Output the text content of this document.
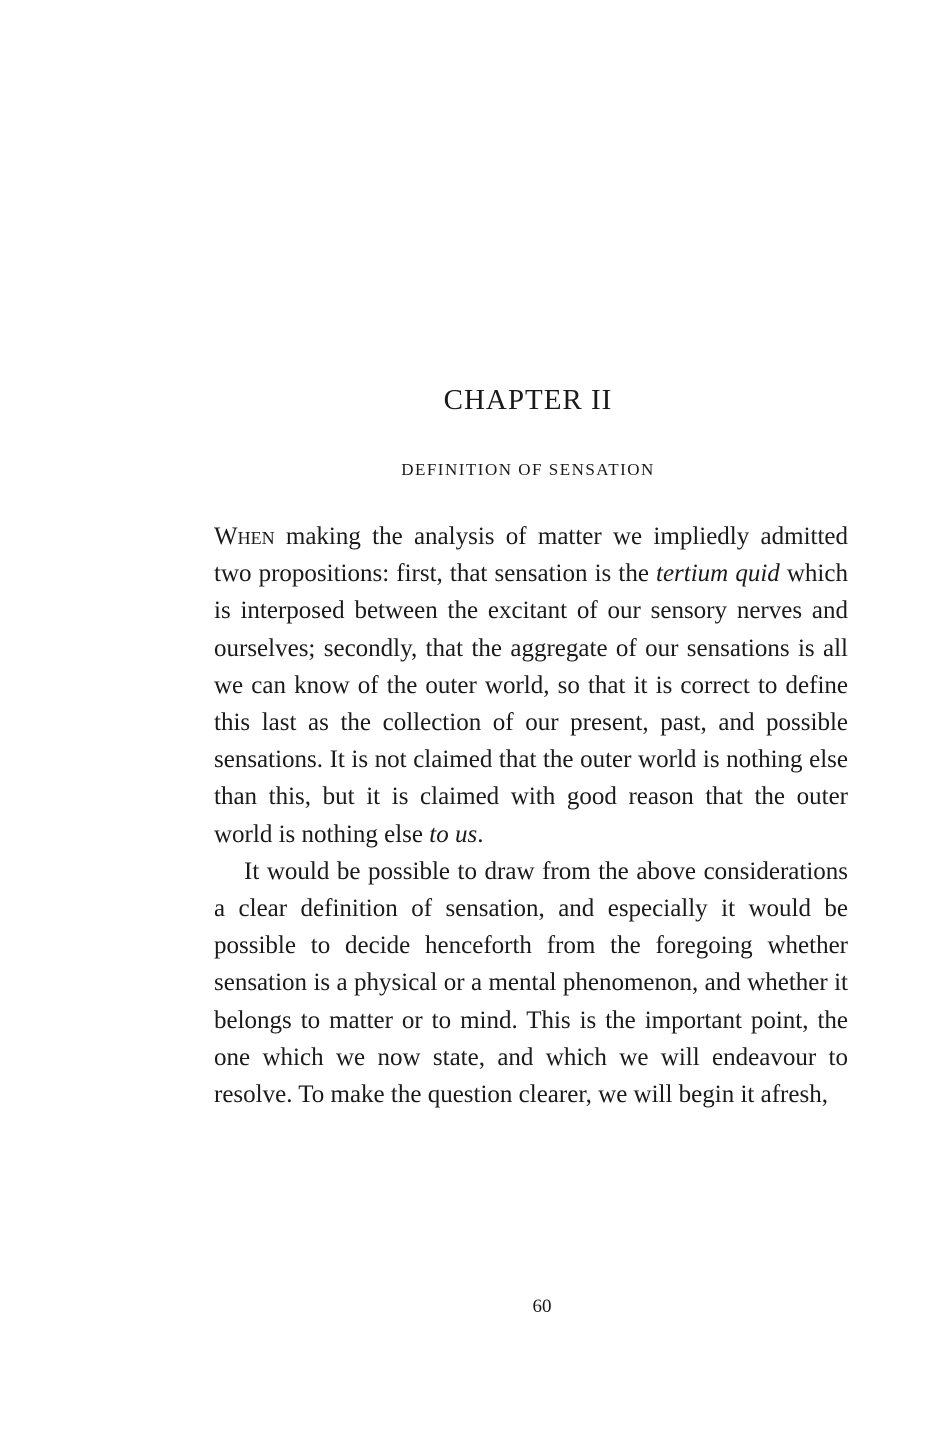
CHAPTER II
DEFINITION OF SENSATION

When making the analysis of matter we impliedly admitted two propositions: first, that sensation is the tertium quid which is interposed between the excitant of our sensory nerves and ourselves; secondly, that the aggregate of our sensations is all we can know of the outer world, so that it is correct to define this last as the collection of our present, past, and possible sensations. It is not claimed that the outer world is nothing else than this, but it is claimed with good reason that the outer world is nothing else to us.

It would be possible to draw from the above considerations a clear definition of sensation, and especially it would be possible to decide henceforth from the foregoing whether sensation is a physical or a mental phenomenon, and whether it belongs to matter or to mind. This is the important point, the one which we now state, and which we will endeavour to resolve. To make the question clearer, we will begin it afresh,

60
